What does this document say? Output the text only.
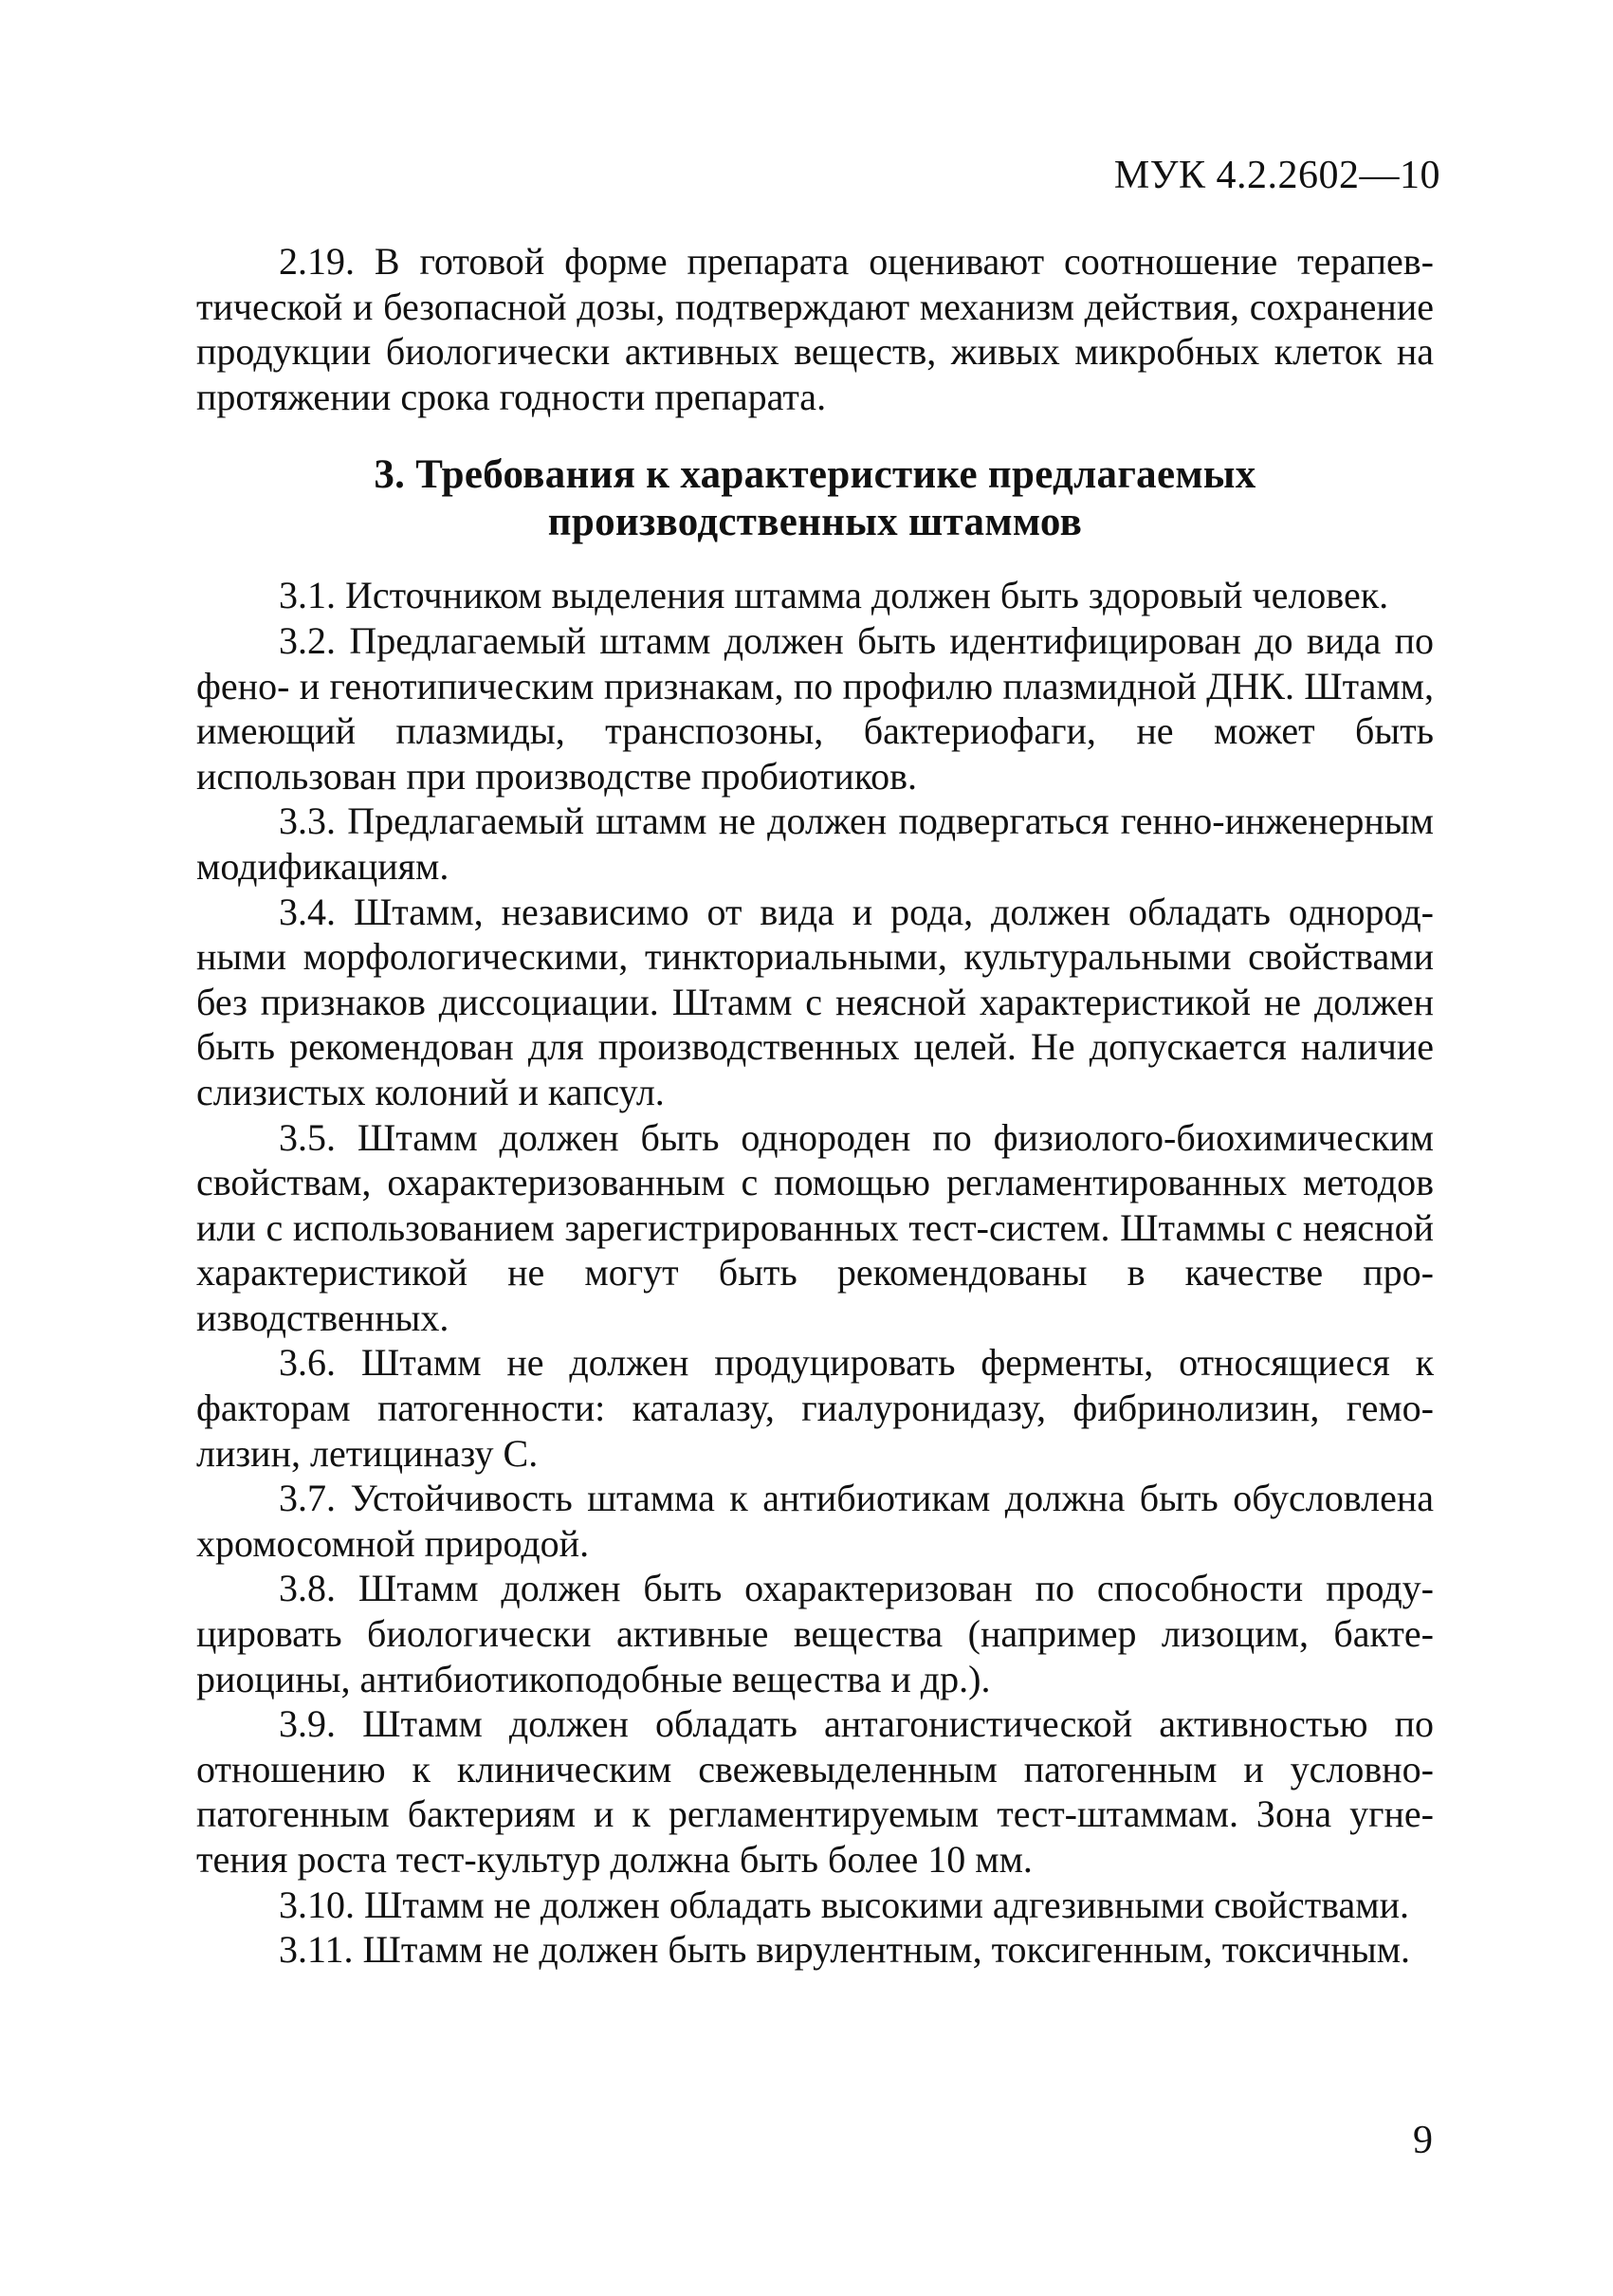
МУК 4.2.2602—10

2.19. В готовой форме препарата оценивают соотношение терапевтической и безопасной дозы, подтверждают механизм действия, сохранение продукции биологически активных веществ, живых микробных клеток на протяжении срока годности препарата.

3. Требования к характеристике предлагаемых
производственных штаммов

3.1. Источником выделения штамма должен быть здоровый человек.

3.2. Предлагаемый штамм должен быть идентифицирован до вида по фено- и генотипическим признакам, по профилю плазмидной ДНК. Штамм, имеющий плазмиды, транспозоны, бактериофаги, не может быть использован при производстве пробиотиков.

3.3. Предлагаемый штамм не должен подвергаться генно-инженерным модификациям.

3.4. Штамм, независимо от вида и рода, должен обладать однородными морфологическими, тинкториальными, культуральными свойствами без признаков диссоциации. Штамм с неясной характеристикой не должен быть рекомендован для производственных целей. Не допускается наличие слизистых колоний и капсул.

3.5. Штамм должен быть однороден по физиолого-биохимическим свойствам, охарактеризованным с помощью регламентированных методов или с использованием зарегистрированных тест-систем. Штаммы с неясной характеристикой не могут быть рекомендованы в качестве производственных.

3.6. Штамм не должен продуцировать ферменты, относящиеся к факторам патогенности: каталазу, гиалуронидазу, фибринолизин, гемолизин, летициназу С.

3.7. Устойчивость штамма к антибиотикам должна быть обусловлена хромосомной природой.

3.8. Штамм должен быть охарактеризован по способности продуцировать биологически активные вещества (например лизоцим, бактериоцины, антибиотикоподобные вещества и др.).

3.9. Штамм должен обладать антагонистической активностью по отношению к клиническим свежевыделенным патогенным и условно-патогенным бактериям и к регламентируемым тест-штаммам. Зона угнетения роста тест-культур должна быть более 10 мм.

3.10. Штамм не должен обладать высокими адгезивными свойствами.

3.11. Штамм не должен быть вирулентным, токсигенным, токсичным.

9
